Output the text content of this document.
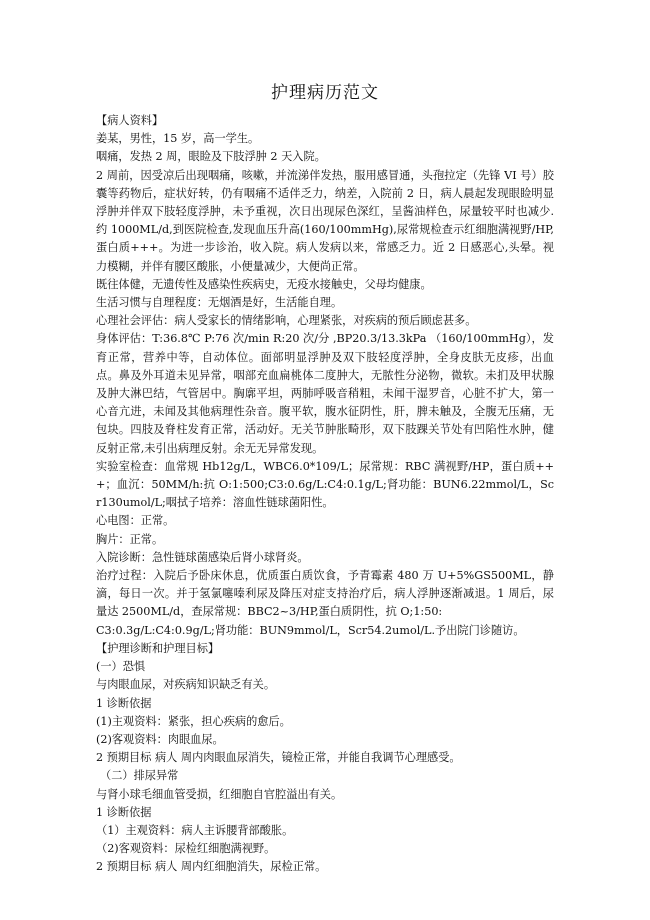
护理病历范文

【病人资料】

姜某，男性，15 岁，高一学生。

咽痛，发热 2 周，眼睑及下肢浮肿 2 天入院。

2 周前，因受凉后出现咽痛，咳嗽，并流涕伴发热，服用感冒通，头孢拉定（先锋 VI 号）胶囊等药物后，症状好转，仍有咽痛不适伴乏力，纳差，入院前 2 日，病人晨起发现眼睑明显浮肿并伴双下肢轻度浮肿，未予重视，次日出现尿色深红，呈酱油样色，尿量较平时也减少.约 1000ML/d,到医院检查,发现血压升高(160/100mmHg),尿常规检查示红细胞满视野/HP,蛋白质+++。为进一步诊治，收入院。病人发病以来，常感乏力。近 2 日感恶心,头晕。视力模糊，并伴有腰区酸胀，小便量减少，大便尚正常。

既往体健，无遗传性及感染性疾病史，无疫水接触史，父母均健康。

生活习惯与自理程度：无烟酒是好，生活能自理。

心理社会评估：病人受家长的情绪影响，心理紧张，对疾病的预后顾虑甚多。

身体评估：T:36.8℃ P:76 次/min R:20 次/分 ,BP20.3/13.3kPa （160/100mmHg），发育正常，营养中等，自动体位。面部明显浮肿及双下肢轻度浮肿，全身皮肤无皮疹，出血点。鼻及外耳道未见异常，咽部充血扁桃体二度肿大，无脓性分泌物，微软。未扪及甲状腺及肿大淋巴结，气管居中。胸廓平坦，两肺呼吸音稍粗，未闻干湿罗音，心脏不扩大，第一心音亢进，未闻及其他病理性杂音。腹平软，腹水征阴性，肝，脾未触及，全腹无压痛，无包块。四肢及脊柱发育正常，活动好。无关节肿胀畸形，双下肢踝关节处有凹陷性水肿，健反射正常,未引出病理反射。余无无异常发现。

实验室检查：血常规 Hb12g/L，WBC6.0*109/L；尿常规：RBC 满视野/HP，蛋白质+++；血沉：50MM/h:抗 O:1:500;C3:0.6g/L:C4:0.1g/L;肾功能：BUN6.22mmol/L，Scr130umol/L;咽拭子培养：溶血性链球菌阳性。

心电图：正常。

胸片：正常。

入院诊断：急性链球菌感染后肾小球肾炎。

治疗过程：入院后予卧床休息，优质蛋白质饮食，予青霉素 480 万 U+5%GS500ML，静滴，每日一次。并于氢氯噻嗪利尿及降压对症支持治疗后，病人浮肿逐渐减退。1 周后，尿量达 2500ML/d，查尿常规：BBC2~3/HP,蛋白质阴性，抗 O;1:50:

C3:0.3g/L:C4:0.9g/L;肾功能：BUN9mmol/L，Scr54.2umol/L.予出院门诊随访。

【护理诊断和护理目标】

(一）恐惧

与肉眼血尿，对疾病知识缺乏有关。

1 诊断依据

(1)主观资料：紧张，担心疾病的愈后。

(2)客观资料：肉眼血尿。

2 预期目标 病人 周内肉眼血尿消失，镜检正常，并能自我调节心理感受。

（二）排尿异常

与肾小球毛细血管受损，红细胞自官腔溢出有关。

1 诊断依据

（1）主观资料：病人主诉腰背部酸胀。

（2)客观资料：尿检红细胞满视野。

2 预期目标 病人 周内红细胞消失，尿检正常。
